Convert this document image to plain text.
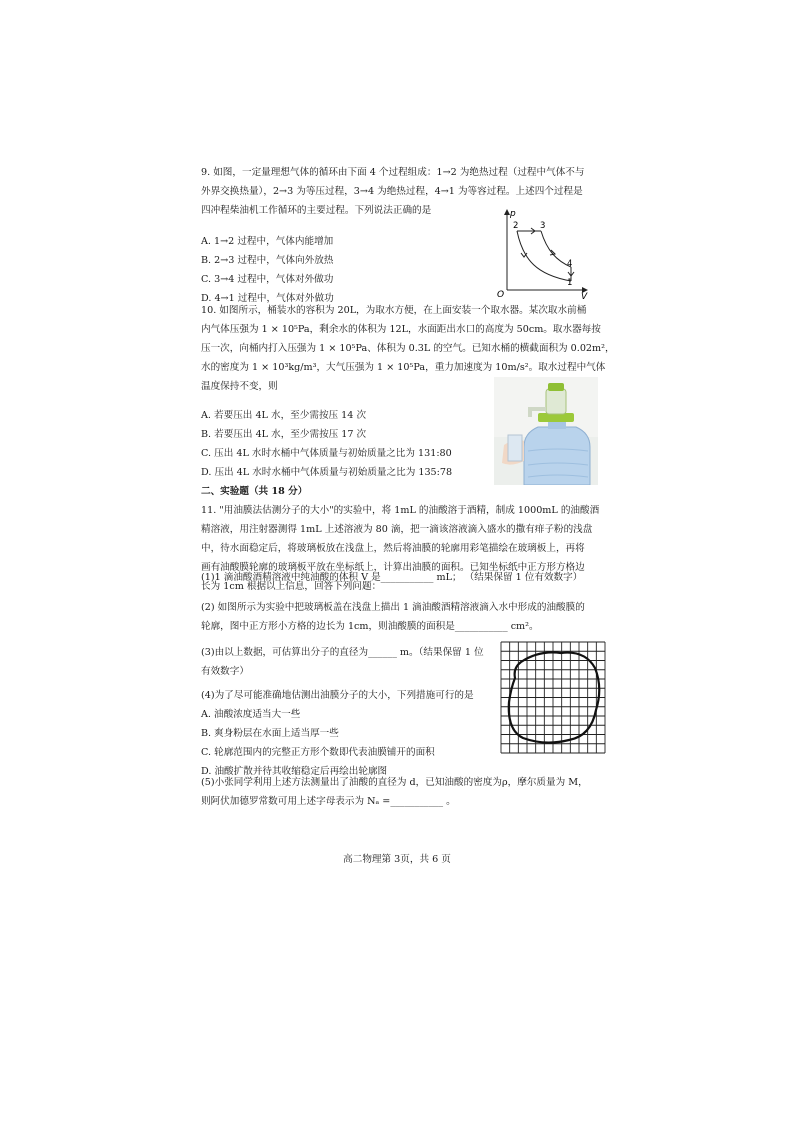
9. 如图，一定量理想气体的循环由下面 4 个过程组成：1→2 为绝热过程（过程中气体不与
外界交换热量），2→3 为等压过程，3→4 为绝热过程，4→1 为等容过程。上述四个过程是
四冲程柴油机工作循环的主要过程。下列说法正确的是
A. 1→2 过程中，气体内能增加
B. 2→3 过程中，气体向外放热
C. 3→4 过程中，气体对外做功
D. 4→1 过程中，气体对外做功
p
V
O
2	3
4
1
10. 如图所示，桶装水的容积为 20L，为取水方便，在上面安装一个取水器。某次取水前桶
内气体压强为 1 × 10⁵Pa，剩余水的体积为 12L，水面距出水口的高度为 50cm。取水器每按
压一次，向桶内打入压强为 1 × 10⁵Pa、体积为 0.3L 的空气。已知水桶的横截面积为 0.02m²，
水的密度为 1 × 10³kg/m³，大气压强为 1 × 10⁵Pa，重力加速度为 10m/s²。取水过程中气体
温度保持不变，则
A. 若要压出 4L 水，至少需按压 14 次
B. 若要压出 4L 水，至少需按压 17 次
C. 压出 4L 水时水桶中气体质量与初始质量之比为 131:80
D. 压出 4L 水时水桶中气体质量与初始质量之比为 135:78
二、实验题（共 18 分）
11. "用油膜法估测分子的大小"的实验中，将 1mL 的油酸溶于酒精，制成 1000mL 的油酸酒
精溶液，用注射器测得 1mL 上述溶液为 80 滴，把一滴该溶液滴入盛水的撒有痱子粉的浅盘
中，待水面稳定后，将玻璃板放在浅盘上，然后将油膜的轮廓用彩笔描绘在玻璃板上，再将
画有油酸膜轮廓的玻璃板平放在坐标纸上，计算出油膜的面积。已知坐标纸中正方形方格边
长为 1cm 根据以上信息，回答下列问题：
(1)1 滴油酸酒精溶液中纯油酸的体积 V 是___________ mL； （结果保留 1 位有效数字）
(2) 如图所示为实验中把玻璃板盖在浅盘上描出 1 滴油酸酒精溶液滴入水中形成的油酸膜的
轮廓，图中正方形小方格的边长为 1cm，则油酸膜的面积是___________ cm²。
(3)由以上数据，可估算出分子的直径为______ m。（结果保留 1 位
有效数字）
(4)为了尽可能准确地估测出油膜分子的大小，下列措施可行的是
A. 油酸浓度适当大一些
B. 爽身粉层在水面上适当厚一些
C. 轮廓范围内的完整正方形个数即代表油膜铺开的面积
D. 油酸扩散并待其收缩稳定后再绘出轮廓图
(5)小张同学利用上述方法测量出了油酸的直径为 d，已知油酸的密度为ρ，摩尔质量为 M，
则阿伏加德罗常数可用上述字母表示为 Nₐ =___________ 。
高二物理第 3页，共 6 页
